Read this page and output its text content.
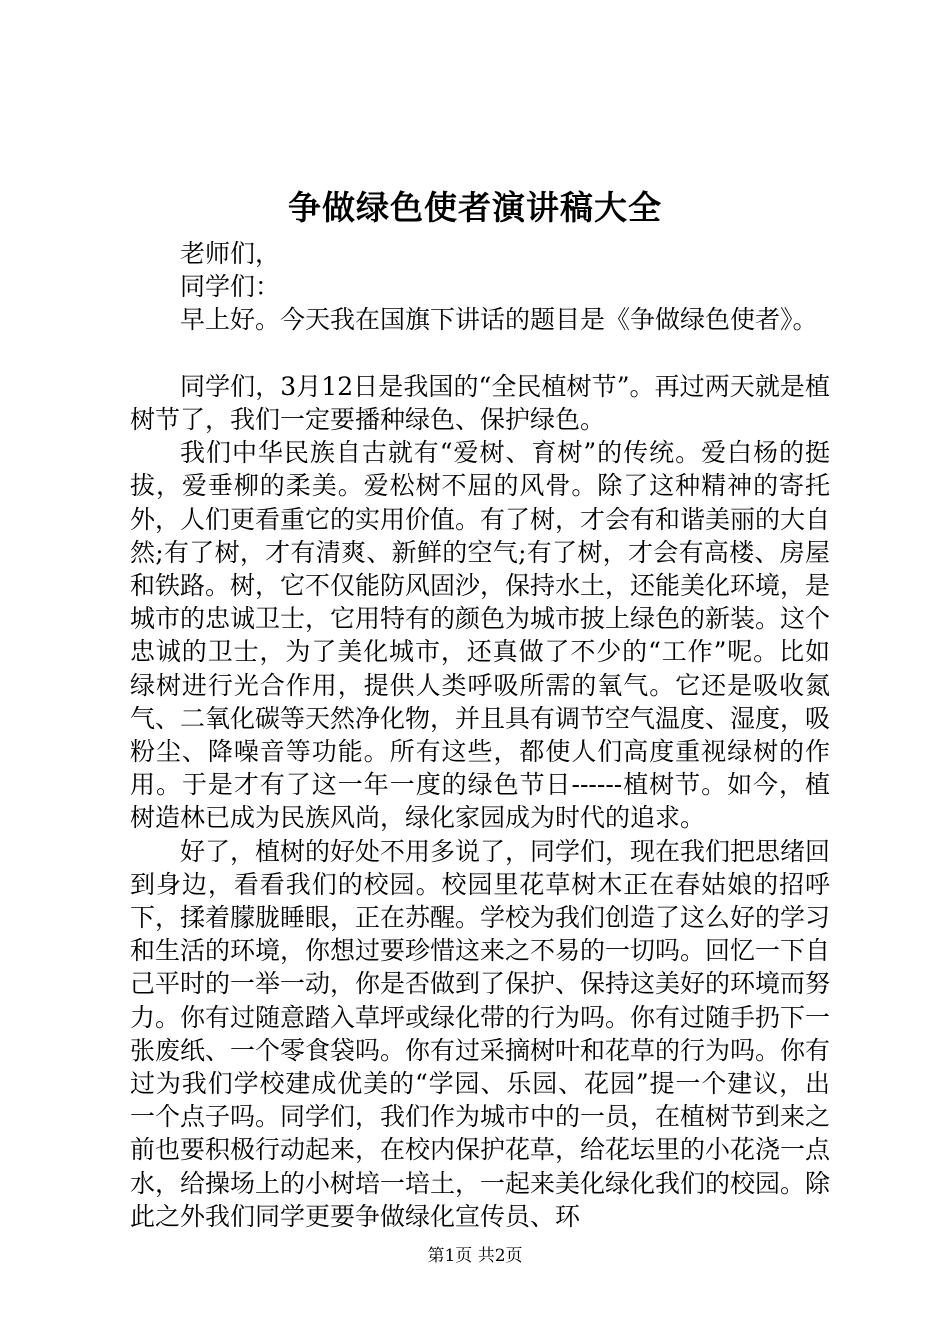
争做绿色使者演讲稿大全

老师们，

同学们：

早上好。今天我在国旗下讲话的题目是《争做绿色使者》。

同学们，3月12日是我国的“全民植树节”。再过两天就是植树节了，我们一定要播种绿色、保护绿色。

我们中华民族自古就有“爱树、育树”的传统。爱白杨的挺拔，爱垂柳的柔美。爱松树不屈的风骨。除了这种精神的寄托外，人们更看重它的实用价值。有了树，才会有和谐美丽的大自然;有了树，才有清爽、新鲜的空气;有了树，才会有高楼、房屋和铁路。树，它不仅能防风固沙，保持水土，还能美化环境，是城市的忠诚卫士，它用特有的颜色为城市披上绿色的新装。这个忠诚的卫士，为了美化城市，还真做了不少的“工作”呢。比如绿树进行光合作用，提供人类呼吸所需的氧气。它还是吸收氮气、二氧化碳等天然净化物，并且具有调节空气温度、湿度，吸粉尘、降噪音等功能。所有这些，都使人们高度重视绿树的作用。于是才有了这一年一度的绿色节日------植树节。如今，植树造林已成为民族风尚，绿化家园成为时代的追求。

好了，植树的好处不用多说了，同学们，现在我们把思绪回到身边，看看我们的校园。校园里花草树木正在春姑娘的招呼下，揉着朦胧睡眼，正在苏醒。学校为我们创造了这么好的学习和生活的环境，你想过要珍惜这来之不易的一切吗。回忆一下自己平时的一举一动，你是否做到了保护、保持这美好的环境而努力。你有过随意踏入草坪或绿化带的行为吗。你有过随手扔下一张废纸、一个零食袋吗。你有过采摘树叶和花草的行为吗。你有过为我们学校建成优美的“学园、乐园、花园”提一个建议，出一个点子吗。同学们，我们作为城市中的一员，在植树节到来之前也要积极行动起来，在校内保护花草，给花坛里的小花浇一点水，给操场上的小树培一培土，一起来美化绿化我们的校园。除此之外我们同学更要争做绿化宣传员、环

第1页 共2页
